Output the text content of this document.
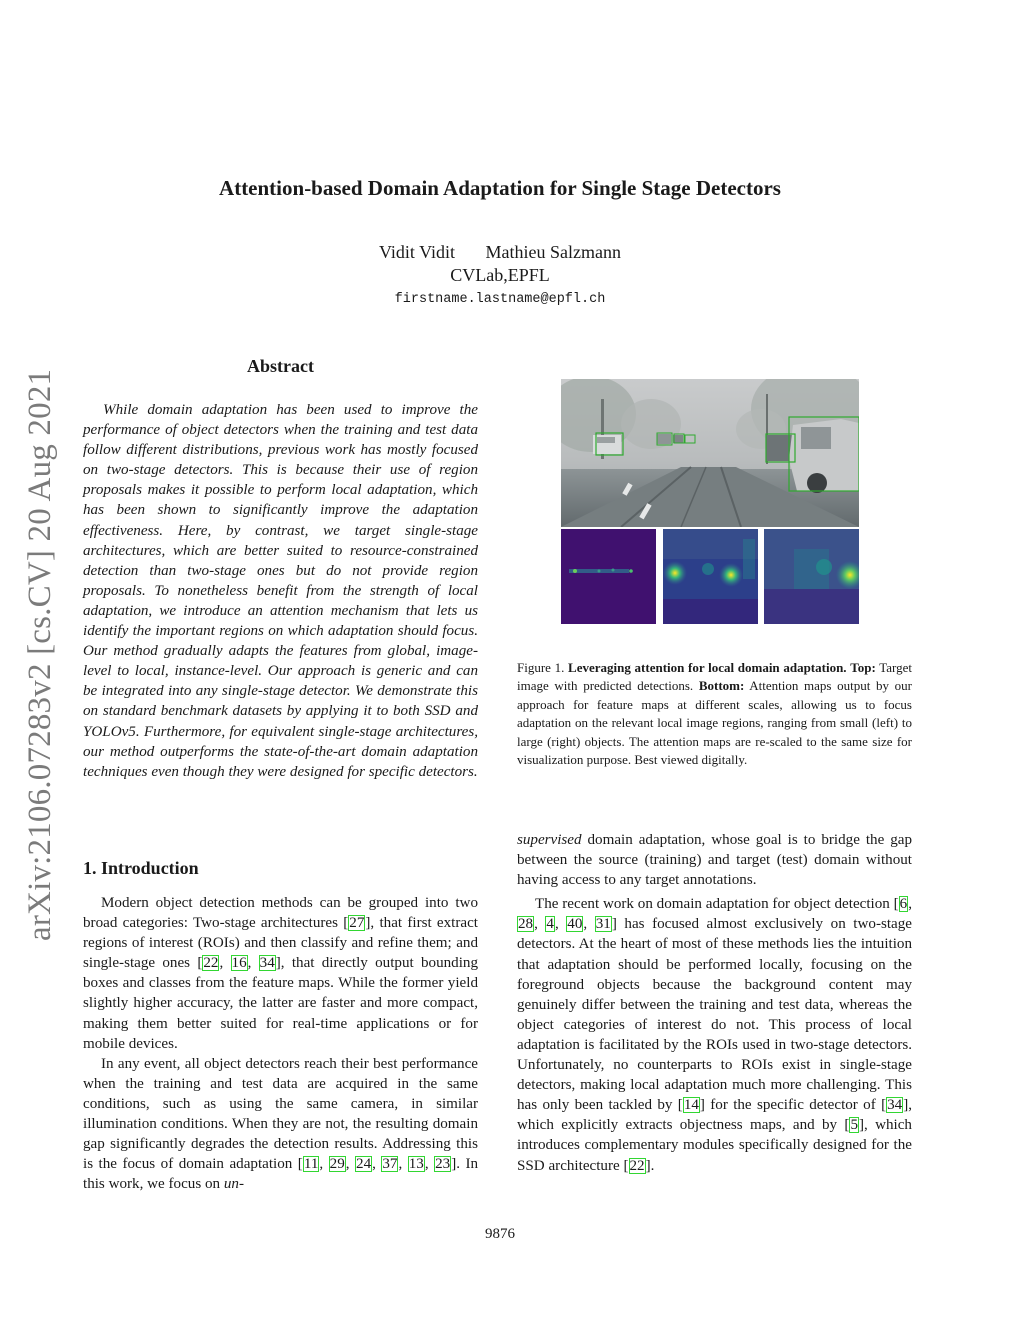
Attention-based Domain Adaptation for Single Stage Detectors
Vidit Vidit Mathieu Salzmann
CVLab,EPFL
firstname.lastname@epfl.ch
arXiv:2106.07283v2 [cs.CV] 20 Aug 2021
Abstract

While domain adaptation has been used to improve the performance of object detectors when the training and test data follow different distributions, previous work has mostly focused on two-stage detectors. This is because their use of region proposals makes it possible to perform local adaptation, which has been shown to significantly improve the adaptation effectiveness. Here, by contrast, we target single-stage architectures, which are better suited to resource-constrained detection than two-stage ones but do not provide region proposals. To nonetheless benefit from the strength of local adaptation, we introduce an attention mechanism that lets us identify the important regions on which adaptation should focus. Our method gradually adapts the features from global, image-level to local, instance-level. Our approach is generic and can be integrated into any single-stage detector. We demonstrate this on standard benchmark datasets by applying it to both SSD and YOLOv5. Furthermore, for equivalent single-stage architectures, our method outperforms the state-of-the-art domain adaptation techniques even though they were designed for specific detectors.

1. Introduction

Modern object detection methods can be grouped into two broad categories: Two-stage architectures [27], that first extract regions of interest (ROIs) and then classify and refine them; and single-stage ones [22, 16, 34], that directly output bounding boxes and classes from the feature maps. While the former yield slightly higher accuracy, the latter are faster and more compact, making them better suited for real-time applications or for mobile devices.

In any event, all object detectors reach their best performance when the training and test data are acquired in the same conditions, such as using the same camera, in similar illumination conditions. When they are not, the resulting domain gap significantly degrades the detection results. Addressing this is the focus of domain adaptation [11, 29, 24, 37, 13, 23]. In this work, we focus on un-

Figure 1. Leveraging attention for local domain adaptation. Top: Target image with predicted detections. Bottom: Attention maps output by our approach for feature maps at different scales, allowing us to focus adaptation on the relevant local image regions, ranging from small (left) to large (right) objects. The attention maps are re-scaled to the same size for visualization purpose. Best viewed digitally.

supervised domain adaptation, whose goal is to bridge the gap between the source (training) and target (test) domain without having access to any target annotations.

The recent work on domain adaptation for object detection [6, 28, 4, 40, 31] has focused almost exclusively on two-stage detectors. At the heart of most of these methods lies the intuition that adaptation should be performed locally, focusing on the foreground objects because the background content may genuinely differ between the training and test data, whereas the object categories of interest do not. This process of local adaptation is facilitated by the ROIs used in two-stage detectors. Unfortunately, no counterparts to ROIs exist in single-stage detectors, making local adaptation much more challenging. This has only been tackled by [14] for the specific detector of [34], which explicitly extracts objectness maps, and by [5], which introduces complementary modules specifically designed for the SSD architecture [22].

9876
